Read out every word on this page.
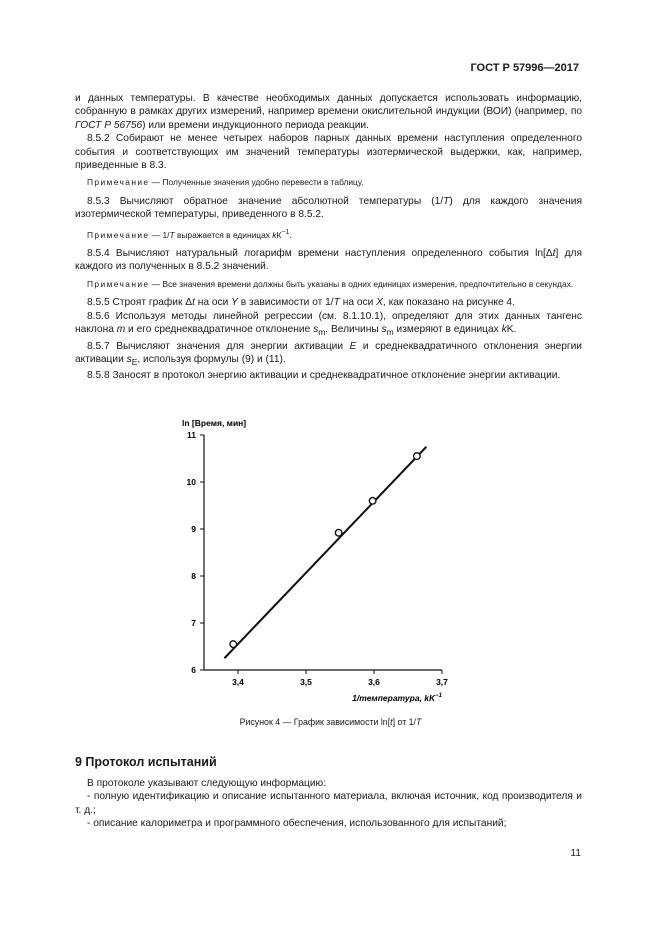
ГОСТ Р 57996—2017

и данных температуры. В качестве необходимых данных допускается использовать информацию, собранную в рамках других измерений, например времени окислительной индукции (ВОИ) (например, по ГОСТ Р 56756) или времени индукционного периода реакции.

8.5.2 Собирают не менее четырех наборов парных данных времени наступления определенного события и соответствующих им значений температуры изотермической выдержки, как, например, приведенные в 8.3.

Примечание — Полученные значения удобно перевести в таблицу.

8.5.3 Вычисляют обратное значение абсолютной температуры (1/T) для каждого значения изотермической температуры, приведенного в 8.5.2.

Примечание — 1/T выражается в единицах $kК^{-1}$.

8.5.4 Вычисляют натуральный логарифм времени наступления определенного события ln[Δt] для каждого из полученных в 8.5.2 значений.

Примечание — Все значения времени должны быть указаны в одних единицах измерения, предпочтительно в секундах.

8.5.5 Строят график Δt на оси Y в зависимости от 1/T на оси X, как показано на рисунке 4.

8.5.6 Используя методы линейной регрессии (см. 8.1.10.1), определяют для этих данных тангенс наклона m и его среднеквадратичное отклонение $s_m$. Величины $s_m$ измеряют в единицах kK.

8.5.7 Вычисляют значения для энергии активации E и среднеквадратичного отклонения энергии активации $s_E$, используя формулы (9) и (11).

8.5.8 Заносят в протокол энергию активации и среднеквадратичное отклонение энергии активации.

ln [Время, мин]
1/температура, $kK^{-1}$
6
7
8
9
10
11
3,4	3,5	3,6	3,7
Рисунок 4 — График зависимости ln[t] от 1/T
9 Протокол испытаний

В протоколе указывают следующую информацию:

- полную идентификацию и описание испытанного материала, включая источник, код производителя и т. д.;

- описание калориметра и программного обеспечения, использованного для испытаний;

11
